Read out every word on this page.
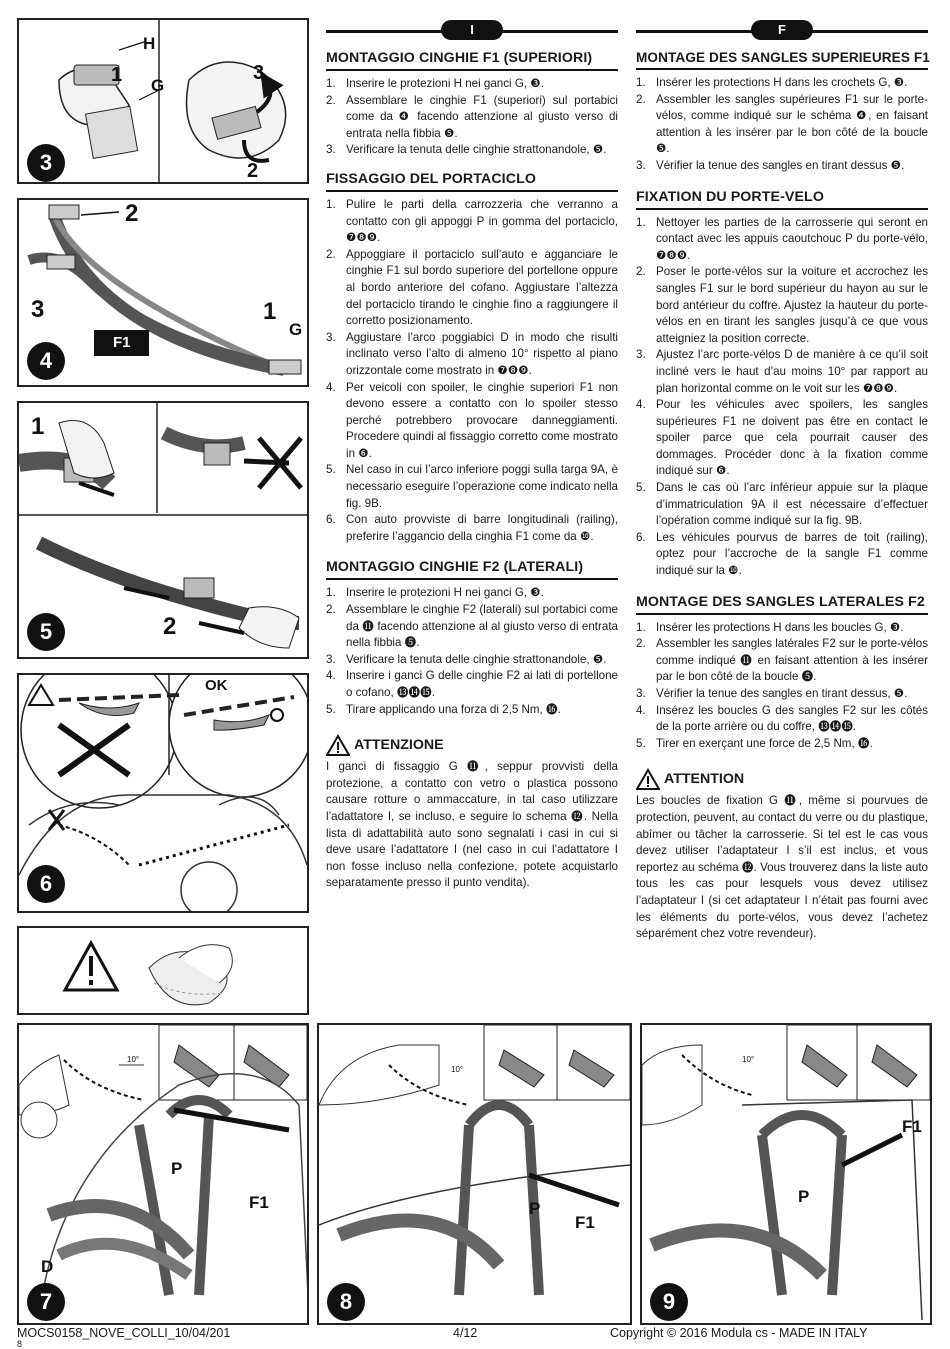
H
1 G
3
2
3
2
3	1
G
F1
4
1
2
5
OK
6
I
MONTAGGIO CINGHIE F1 (SUPERIORI)
1. Inserire le protezioni H nei ganci G, ❸.
2. Assemblare le cinghie F1 (superiori) sul portabici come da ❹ facendo attenzione al giusto verso di entrata nella fibbia ❺.
3. Verificare la tenuta delle cinghie strattonandole, ❺.
FISSAGGIO DEL PORTACICLO
1. Pulire le parti della carrozzeria che verranno a contatto con gli appoggi P in gomma del portaciclo, ❼❽❾.
2. Appoggiare il portaciclo sull’auto e agganciare le cinghie F1 sul bordo superiore del portellone oppure al bordo anteriore del cofano. Aggiustare l’altezza del portaciclo tirando le cinghie fino a raggiungere il corretto posizionamento.
3. Aggiustare l’arco poggiabici D in modo che risulti inclinato verso l’alto di almeno 10° rispetto al piano orizzontale come mostrato in ❼❽❾.
4. Per veicoli con spoiler, le cinghie superiori F1 non devono essere a contatto con lo spoiler stesso perché potrebbero provocare danneggiamenti. Procedere quindi al fissaggio corretto come mostrato in ❻.
5. Nel caso in cui l’arco inferiore poggi sulla targa 9A, è necessario eseguire l’operazione come indicato nella fig. 9B.
6. Con auto provviste di barre longitudinali (railing), preferire l’aggancio della cinghia F1 come da ❿.
MONTAGGIO CINGHIE F2 (LATERALI)
1. Inserire le protezioni H nei ganci G, ❸.
2. Assemblare le cinghie F2 (laterali) sul portabici come da ⓫ facendo attenzione al al giusto verso di entrata nella fibbia ❺.
3. Verificare la tenuta delle cinghie strattonandole, ❺.
4. Inserire i ganci G delle cinghie F2 ai lati di portellone o cofano, ⓭⓮⓯.
5. Tirare applicando una forza di 2,5 Nm, ⓰.
ATTENZIONE
I ganci di fissaggio G ⓫, seppur provvisti della protezione, a contatto con vetro o plastica possono causare rotture o ammaccature, in tal caso utilizzare l’adattatore I, se incluso, e seguire lo schema ⓬. Nella lista di adattabilità auto sono segnalati i casi in cui si deve usare l’adattatore I (nel caso in cui l’adattatore I non fosse incluso nella confezione, potete acquistarlo separatamente presso il punto vendita).
F
MONTAGE DES SANGLES SUPERIEURES F1
1. Insérer les protections H dans les crochets G, ❸.
2. Assembler les sangles supérieures F1 sur le porte-vélos, comme indiqué sur le schéma ❹, en faisant attention à les insérer par le bon côté de la boucle ❺.
3. Vérifier la tenue des sangles en tirant dessus ❺.
FIXATION DU PORTE-VELO
1. Nettoyer les parties de la carrosserie qui seront en contact avec les appuis caoutchouc P du porte-vélo, ❼❽❾.
2. Poser le porte-vélos sur la voiture et accrochez les sangles F1 sur le bord supérieur du hayon au sur le bord antérieur du coffre. Ajustez la hauteur du porte-vélos en en tirant les sangles jusqu’à ce que vous atteigniez la position correcte.
3. Ajustez l’arc porte-vélos D de manière à ce qu’il soit incliné vers le haut d’au moins 10° par rapport au plan horizontal comme on le voit sur les ❼❽❾.
4. Pour les véhicules avec spoilers, les sangles supérieures F1 ne doivent pas être en contact le spoiler parce que cela pourrait causer des dommages. Procéder donc à la fixation comme indiqué sur ❻.
5. Dans le cas où l’arc inférieur appuie sur la plaque d’immatriculation 9A il est nécessaire d’effectuer l’opération comme indiqué sur la fig. 9B.
6. Les véhicules pourvus de barres de toit (railing), optez pour l’accroche de la sangle F1 comme indiqué sur la ❿.
MONTAGE DES SANGLES LATERALES F2
1. Insérer les protections H dans les boucles G, ❸.
2. Assembler les sangles latérales F2 sur le porte-vélos comme indiqué ⓫ en faisant attention à les insérer par le bon côté de la boucle ❺.
3. Vérifier la tenue des sangles en tirant dessus, ❺.
4. Insérez les boucles G des sangles F2 sur les côtés de la porte arrière ou du coffre, ⓭⓮⓯.
5. Tirer en exerçant une force de 2,5 Nm, ⓰.
ATTENTION
Les boucles de fixation G ⓫, même si pourvues de protection, peuvent, au contact du verre ou du plastique, abîmer ou tâcher la carrosserie. Si tel est le cas vous devez utiliser l’adaptateur I s’il est inclus, et vous reportez au schéma ⓬. Vous trouverez dans la liste auto tous les cas pour lesquels vous devez utilisez l’adaptateur I (si cet adaptateur I n’était pas fourni avec les éléments du porte-vélos, vous devez l’achetez séparément chez votre revendeur).
P
F1
D
10°
7
P
F1
10°
8
F1
P
10°
9
MOCS0158_NOVE_COLLI_10/04/201
8
4/12	Copyright © 2016 Modula cs - MADE IN ITALY
